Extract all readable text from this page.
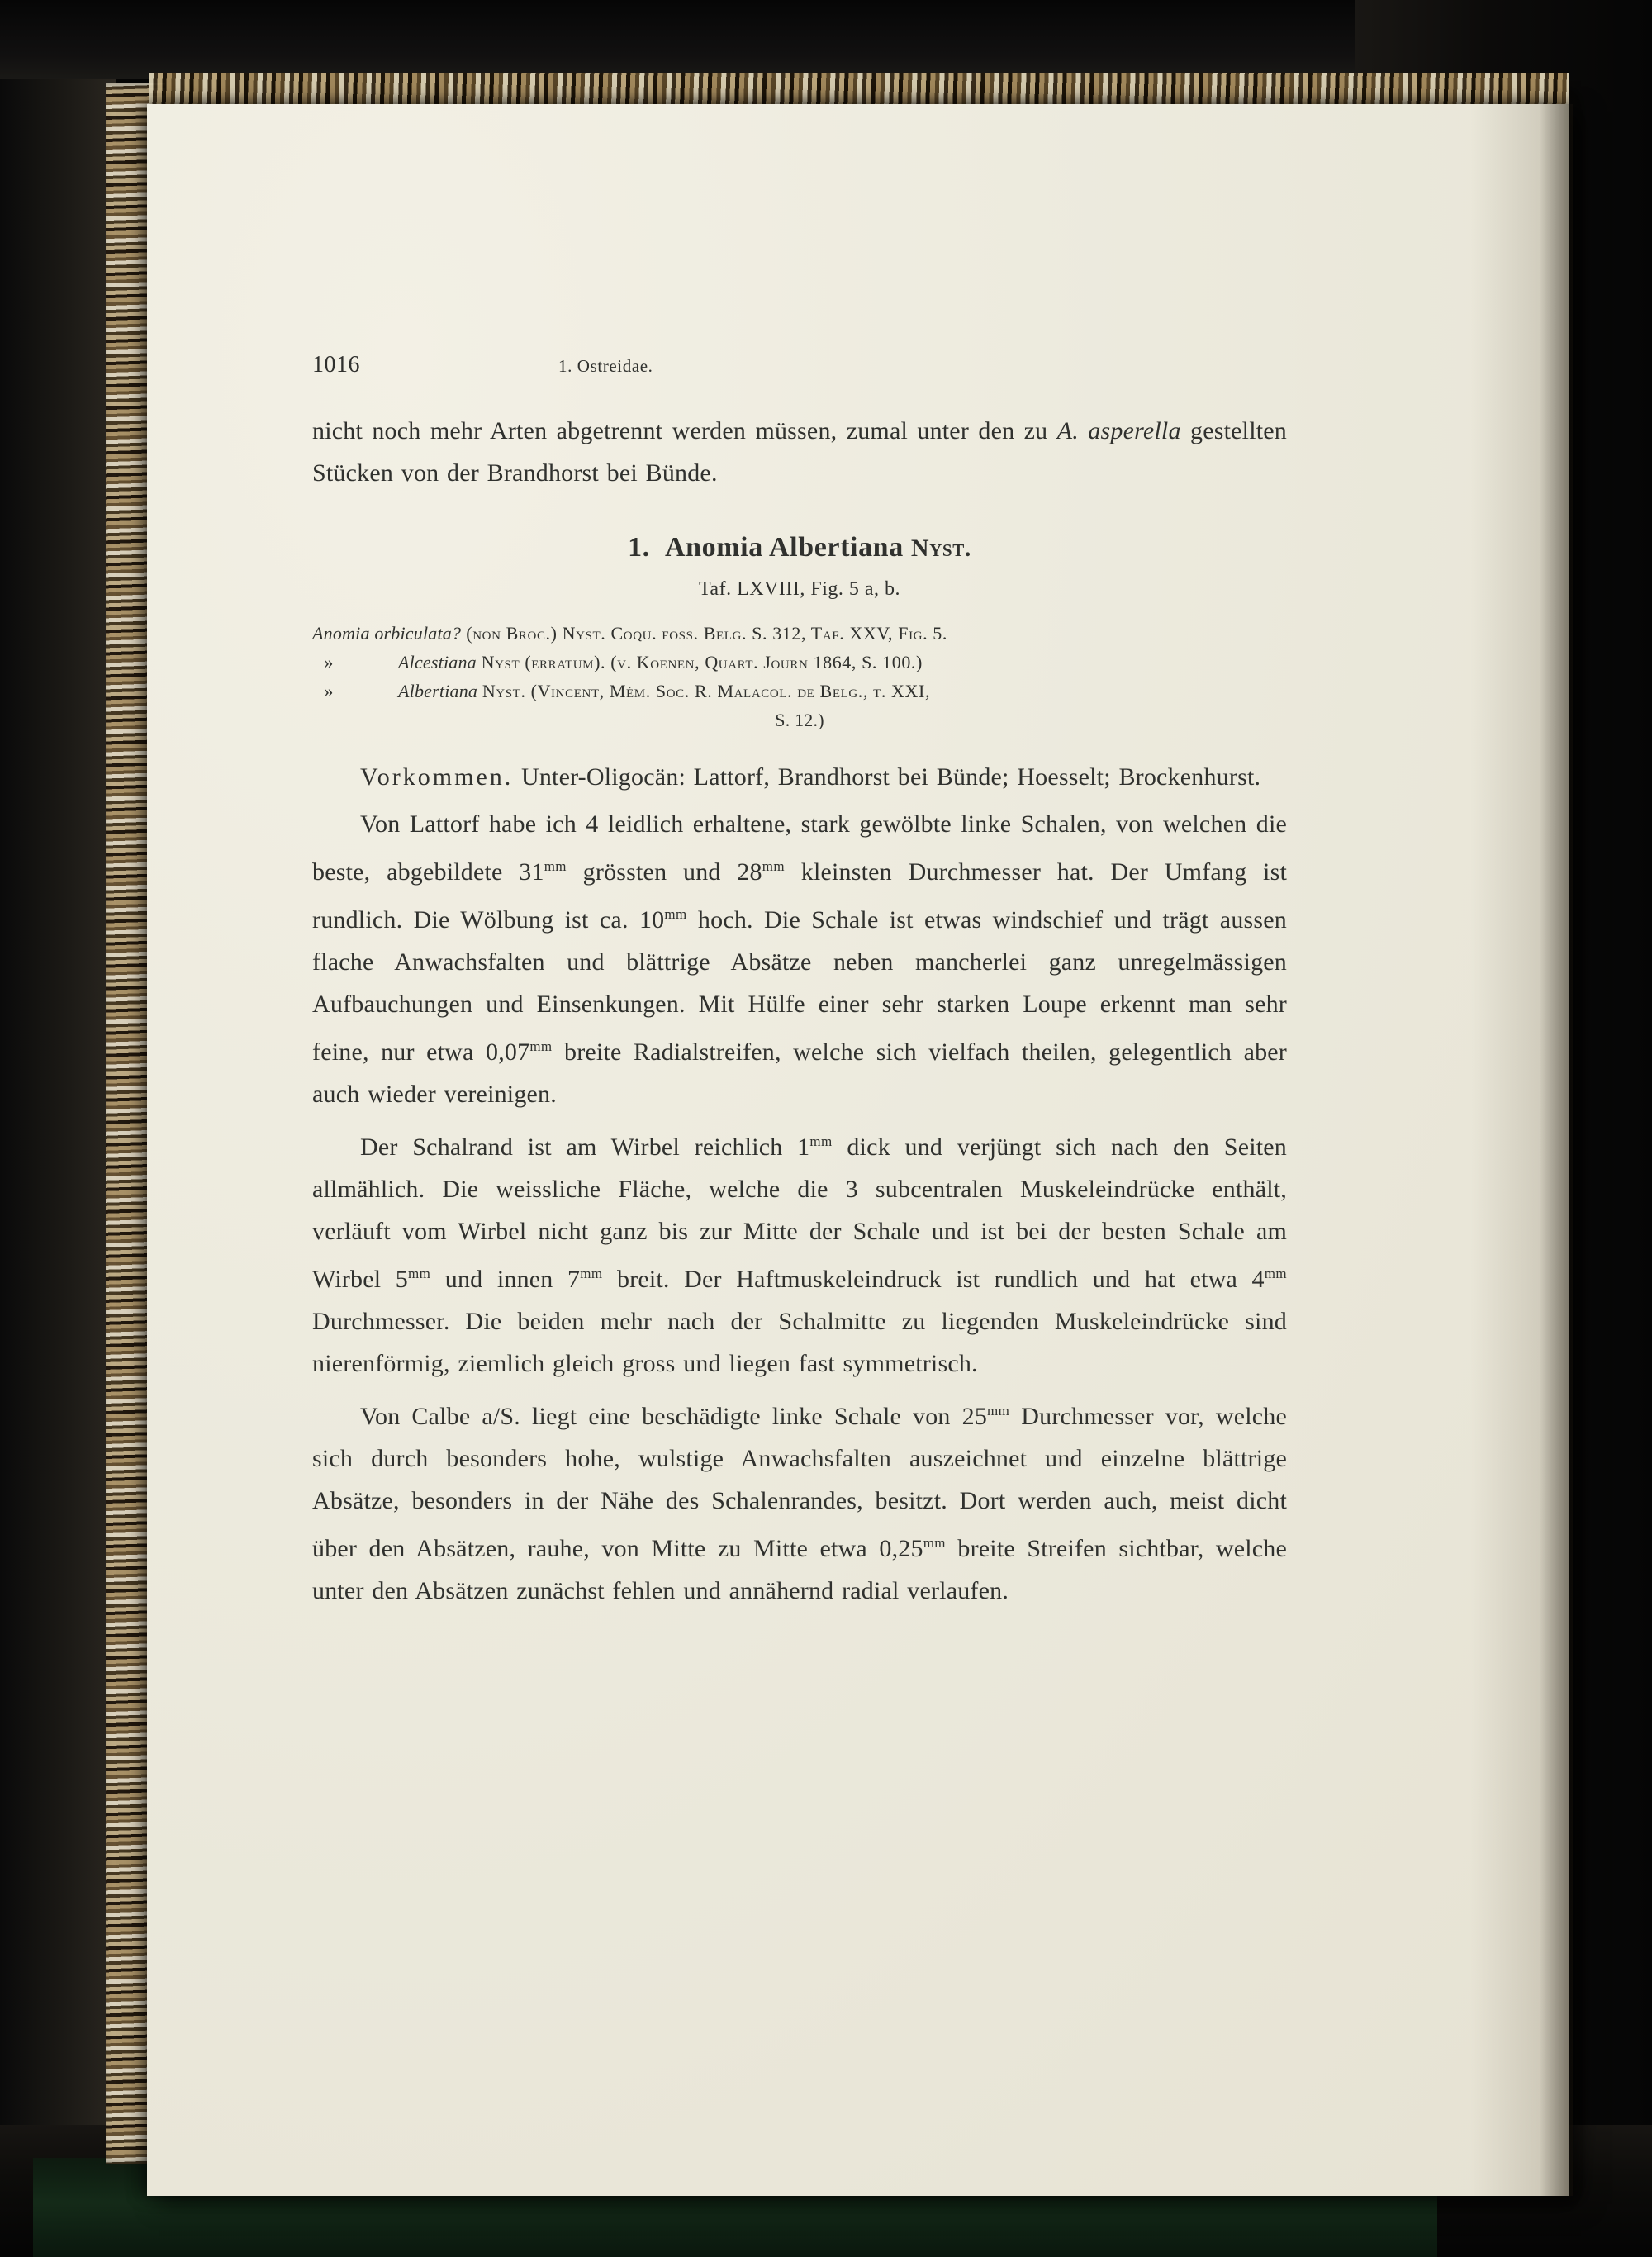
1016	1. Ostreidae.

nicht noch mehr Arten abgetrennt werden müssen, zumal unter den zu A. asperella gestellten Stücken von der Brandhorst bei Bünde.

1. Anomia Albertiana Nyst.
Taf. LXVIII, Fig. 5 a, b.
Anomia orbiculata? (non Broc.) Nyst. Coqu. foss. Belg. S. 312, Taf. XXV, Fig. 5.
»	Alcestiana Nyst (erratum). (v. Koenen, Quart. Journ 1864, S. 100.)
»	Albertiana Nyst. (Vincent, Mém. Soc. R. Malacol. de Belg., t. XXI,
S. 12.)

Vorkommen. Unter-Oligocän: Lattorf, Brandhorst bei Bünde; Hoesselt; Brockenhurst.

Von Lattorf habe ich 4 leidlich erhaltene, stark gewölbte linke Schalen, von welchen die beste, abgebildete $31^{mm}$ grössten und $28^{mm}$ kleinsten Durchmesser hat. Der Umfang ist rundlich. Die Wölbung ist ca. $10^{mm}$ hoch. Die Schale ist etwas windschief und trägt aussen flache Anwachsfalten und blättrige Absätze neben mancherlei ganz unregelmässigen Aufbauchungen und Einsenkungen. Mit Hülfe einer sehr starken Loupe erkennt man sehr feine, nur etwa $0,07^{mm}$ breite Radialstreifen, welche sich vielfach theilen, gelegentlich aber auch wieder vereinigen.

Der Schalrand ist am Wirbel reichlich $1^{mm}$ dick und verjüngt sich nach den Seiten allmählich. Die weissliche Fläche, welche die 3 subcentralen Muskeleindrücke enthält, verläuft vom Wirbel nicht ganz bis zur Mitte der Schale und ist bei der besten Schale am Wirbel $5^{mm}$ und innen $7^{mm}$ breit. Der Haftmuskeleindruck ist rundlich und hat etwa $4^{mm}$ Durchmesser. Die beiden mehr nach der Schalmitte zu liegenden Muskeleindrücke sind nierenförmig, ziemlich gleich gross und liegen fast symmetrisch.

Von Calbe a/S. liegt eine beschädigte linke Schale von $25^{mm}$ Durchmesser vor, welche sich durch besonders hohe, wulstige Anwachsfalten auszeichnet und einzelne blättrige Absätze, besonders in der Nähe des Schalenrandes, besitzt. Dort werden auch, meist dicht über den Absätzen, rauhe, von Mitte zu Mitte etwa $0,25^{mm}$ breite Streifen sichtbar, welche unter den Absätzen zunächst fehlen und annähernd radial verlaufen.
